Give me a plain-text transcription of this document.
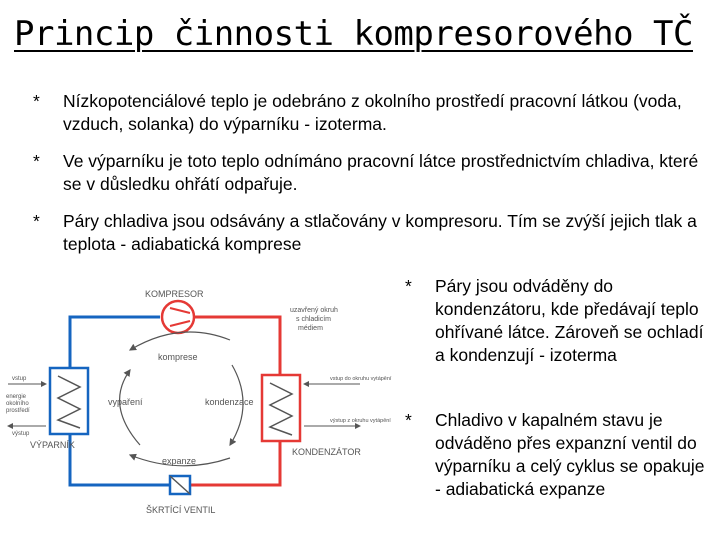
Princip činnosti kompresorového TČ
* Nízkopotenciálové teplo je odebráno z okolního prostředí pracovní látkou (voda, vzduch, solanka) do výparníku - izoterma.
* Ve výparníku je toto teplo odnímáno pracovní látce prostřednictvím chladiva, které se v důsledku ohřátí odpařuje.
* Páry chladiva jsou odsávány a stlačovány v kompresoru. Tím se zvýší jejich tlak a teplota - adiabatická komprese
* Páry jsou odváděny do kondenzátoru, kde předávají teplo ohřívané látce. Zároveň se ochladí a kondenzují - izoterma
* Chladivo v kapalném stavu je odváděno přes expanzní ventil do výparníku a celý cyklus se opakuje - adiabatická expanze
KOMPRESOR
uzavřený okruh
s chladicím
médiem
VÝPARNÍK
KONDENZÁTOR
ŠKRTÍCÍ VENTIL
komprese
vypaření	kondenzace
expanze
vstup
energie
okolního
prostředí
výstup
vstup do okruhu vytápění
výstup z okruhu vytápění
